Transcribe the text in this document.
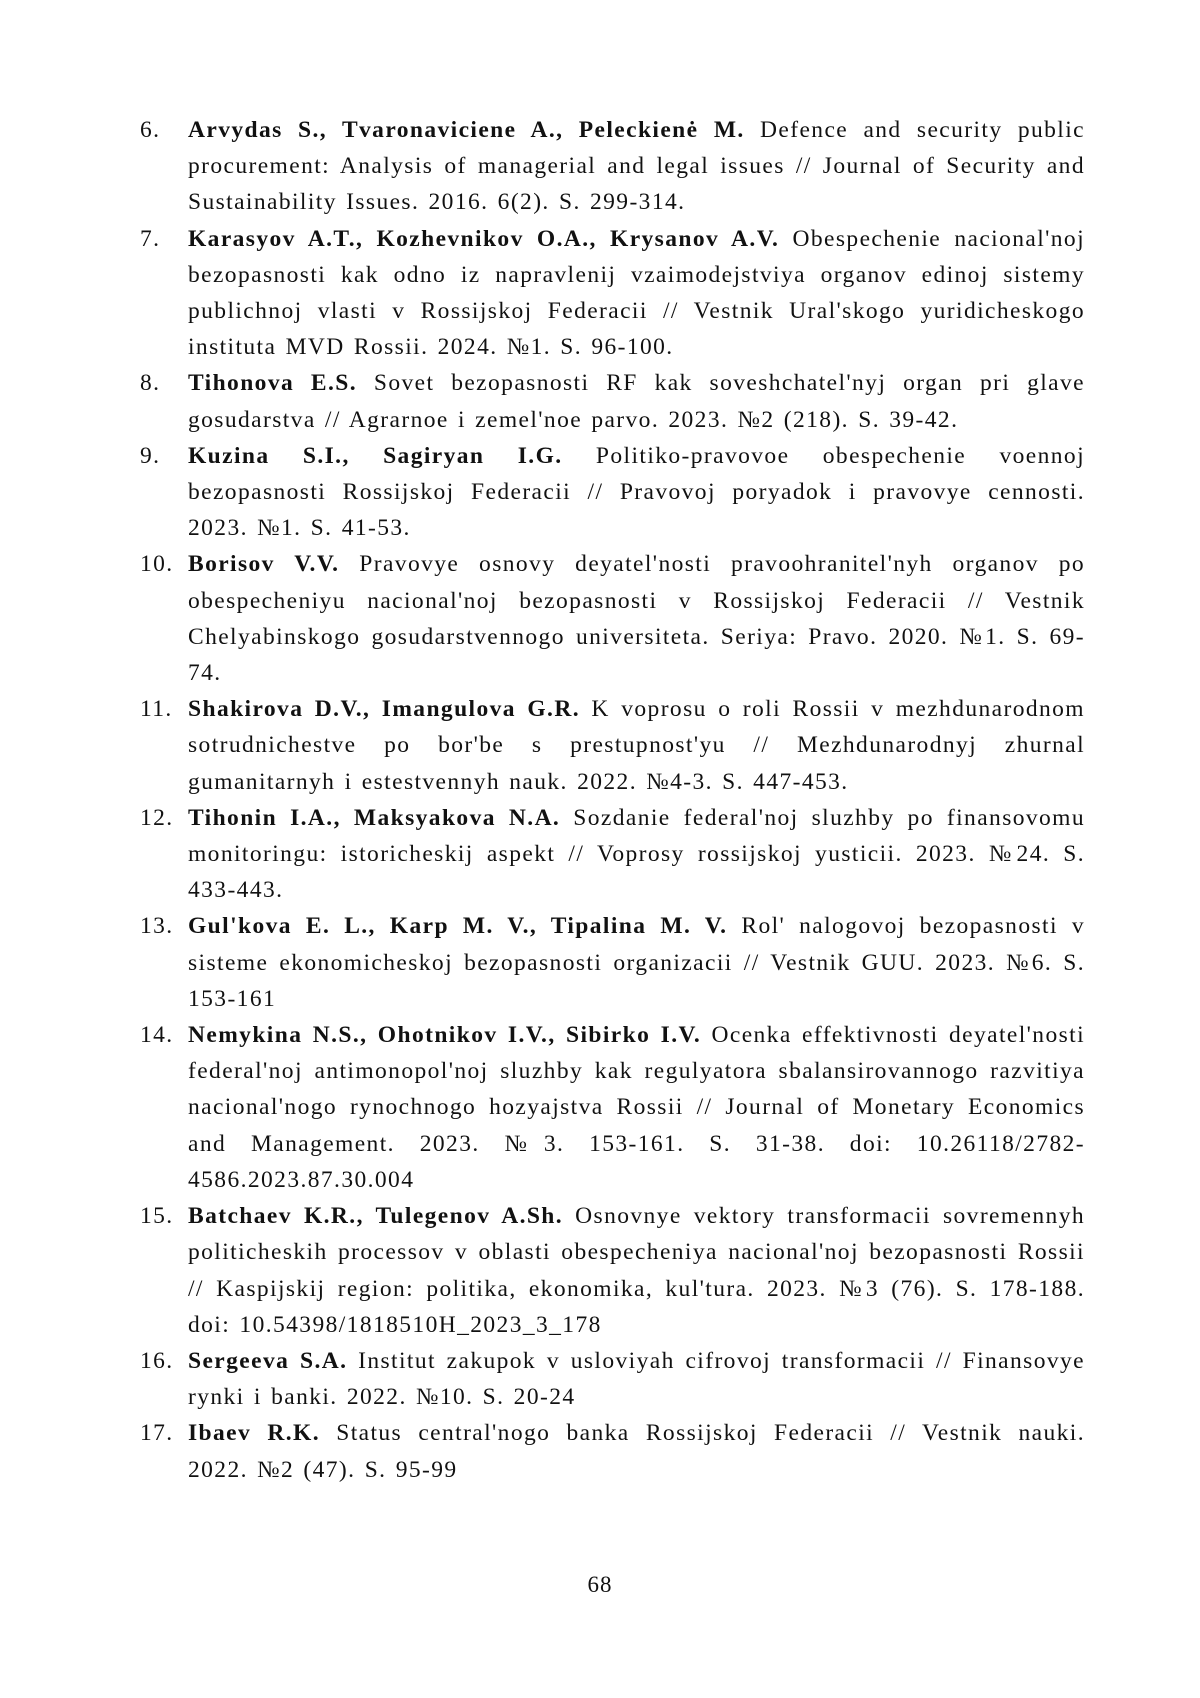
6.	Arvydas S., Tvaronaviciene A., Peleckienė M. Defence and security public procurement: Analysis of managerial and legal issues // Journal of Security and Sustainability Issues. 2016. 6(2). S. 299-314.
7.	Karasyov A.T., Kozhevnikov O.A., Krysanov A.V. Obespechenie nacional'noj bezopasnosti kak odno iz napravlenij vzaimodejstviya organov edinoj sistemy publichnoj vlasti v Rossijskoj Federacii // Vestnik Ural'skogo yuridicheskogo instituta MVD Rossii. 2024. №1. S. 96-100.
8.	Tihonova E.S. Sovet bezopasnosti RF kak soveshchatel'nyj organ pri glave gosudarstva // Agrarnoe i zemel'noe parvo. 2023. №2 (218). S. 39-42.
9.	Kuzina S.I., Sagiryan I.G. Politiko-pravovoe obespechenie voennoj bezopasnosti Rossijskoj Federacii // Pravovoj poryadok i pravovye cennosti. 2023. №1. S. 41-53.
10. Borisov V.V. Pravovye osnovy deyatel'nosti pravoohranitel'nyh organov po obespecheniyu nacional'noj bezopasnosti v Rossijskoj Federacii // Vestnik Chelyabinskogo gosudarstvennogo universiteta. Seriya: Pravo. 2020. №1. S. 69-74.
11. Shakirova D.V., Imangulova G.R. K voprosu o roli Rossii v mezhdunarodnom sotrudnichestve po bor'be s prestupnost'yu // Mezhdunarodnyj zhurnal gumanitarnyh i estestvennyh nauk. 2022. №4-3. S. 447-453.
12. Tihonin I.A., Maksyakova N.A. Sozdanie federal'noj sluzhby po finansovomu monitoringu: istoricheskij aspekt // Voprosy rossijskoj yusticii. 2023. №24. S. 433-443.
13. Gul'kova E. L., Karp M. V., Tipalina M. V. Rol' nalogovoj bezopasnosti v sisteme ekonomicheskoj bezopasnosti organizacii // Vestnik GUU. 2023. №6. S. 153-161
14. Nemykina N.S., Ohotnikov I.V., Sibirko I.V. Ocenka effektivnosti deyatel'nosti federal'noj antimonopol'noj sluzhby kak regulyatora sbalansirovannogo razvitiya nacional'nogo rynochnogo hozyajstva Rossii // Journal of Monetary Economics and Management. 2023. №3. 153-161. S. 31-38. doi: 10.26118/2782-4586.2023.87.30.004
15. Batchaev K.R., Tulegenov A.Sh. Osnovnye vektory transformacii sovremennyh politicheskih processov v oblasti obespecheniya nacional'noj bezopasnosti Rossii // Kaspijskij region: politika, ekonomika, kul'tura. 2023. №3 (76). S. 178-188. doi: 10.54398/1818510H_2023_3_178
16. Sergeeva S.A. Institut zakupok v usloviyah cifrovoj transformacii // Finansovye rynki i banki. 2022. №10. S. 20-24
17. Ibaev R.K. Status central'nogo banka Rossijskoj Federacii // Vestnik nauki. 2022. №2 (47). S. 95-99
68
